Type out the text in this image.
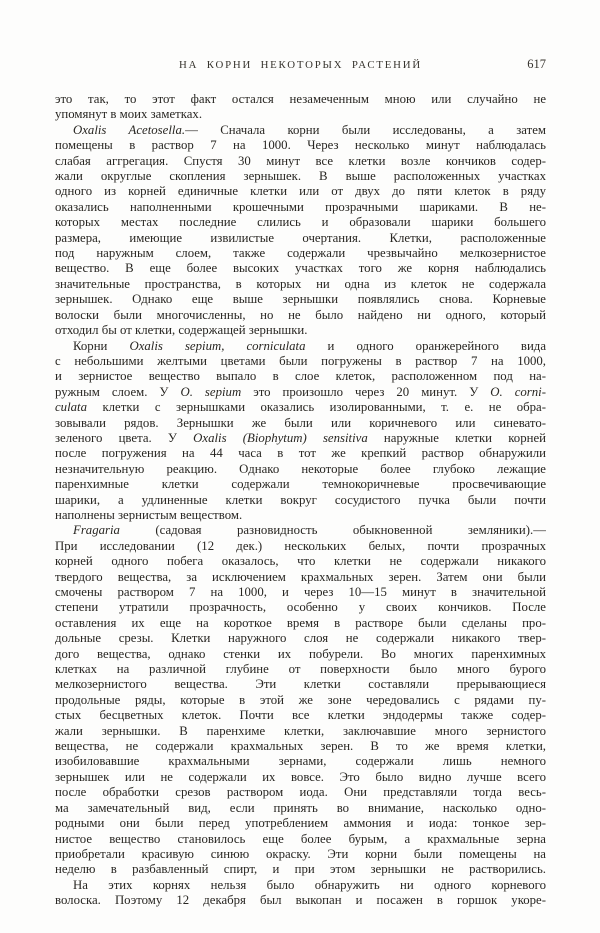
НА КОРНИ НЕКОТОРЫХ РАСТЕНИЙ	617
это так, то этот факт остался незамеченным мною или случайно не
упомянут в моих заметках.
Oxalis Acetosella.— Сначала корни были исследованы, а затем
помещены в раствор 7 на 1000. Через несколько минут наблюдалась
слабая аггрегация. Спустя 30 минут все клетки возле кончиков содер-
жали округлые скопления зернышек. В выше расположенных участках
одного из корней единичные клетки или от двух до пяти клеток в ряду
оказались наполненными крошечными прозрачными шариками. В не-
которых местах последние слились и образовали шарики большего
размера, имеющие извилистые очертания. Клетки, расположенные
под наружным слоем, также содержали чрезвычайно мелкозернистое
вещество. В еще более высоких участках того же корня наблюдались
значительные пространства, в которых ни одна из клеток не содержала
зернышек. Однако еще выше зернышки появлялись снова. Корневые
волоски были многочисленны, но не было найдено ни одного, который
отходил бы от клетки, содержащей зернышки.
Корни Oxalis sepium, corniculata и одного оранжерейного вида
с небольшими желтыми цветами были погружены в раствор 7 на 1000,
и зернистое вещество выпало в слое клеток, расположенном под на-
ружным слоем. У O. sepium это произошло через 20 минут. У O. corni-
culata клетки с зернышками оказались изолированными, т. е. не обра-
зовывали рядов. Зернышки же были или коричневого или синевато-
зеленого цвета. У Oxalis (Biophytum) sensitiva наружные клетки корней
после погружения на 44 часа в тот же крепкий раствор обнаружили
незначительную реакцию. Однако некоторые более глубоко лежащие
паренхимные клетки содержали темнокоричневые просвечивающие
шарики, а удлиненные клетки вокруг сосудистого пучка были почти
наполнены зернистым веществом.
Fragaria (садовая разновидность обыкновенной земляники).—
При исследовании (12 дек.) нескольких белых, почти прозрачных
корней одного побега оказалось, что клетки не содержали никакого
твердого вещества, за исключением крахмальных зерен. Затем они были
смочены раствором 7 на 1000, и через 10—15 минут в значительной
степени утратили прозрачность, особенно у своих кончиков. После
оставления их еще на короткое время в растворе были сделаны про-
дольные срезы. Клетки наружного слоя не содержали никакого твер-
дого вещества, однако стенки их побурели. Во многих паренхимных
клетках на различной глубине от поверхности было много бурого
мелкозернистого вещества. Эти клетки составляли прерывающиеся
продольные ряды, которые в этой же зоне чередовались с рядами пу-
стых бесцветных клеток. Почти все клетки эндодермы также содер-
жали зернышки. В паренхиме клетки, заключавшие много зернистого
вещества, не содержали крахмальных зерен. В то же время клетки,
изобиловавшие крахмальными зернами, содержали лишь немного
зернышек или не содержали их вовсе. Это было видно лучше всего
после обработки срезов раствором иода. Они представляли тогда весь-
ма замечательный вид, если принять во внимание, насколько одно-
родными они были перед употреблением аммония и иода: тонкое зер-
нистое вещество становилось еще более бурым, а крахмальные зерна
приобретали красивую синюю окраску. Эти корни были помещены на
неделю в разбавленный спирт, и при этом зернышки не растворились.
На этих корнях нельзя было обнаружить ни одного корневого
волоска. Поэтому 12 декабря был выкопан и посажен в горшок укоре-
